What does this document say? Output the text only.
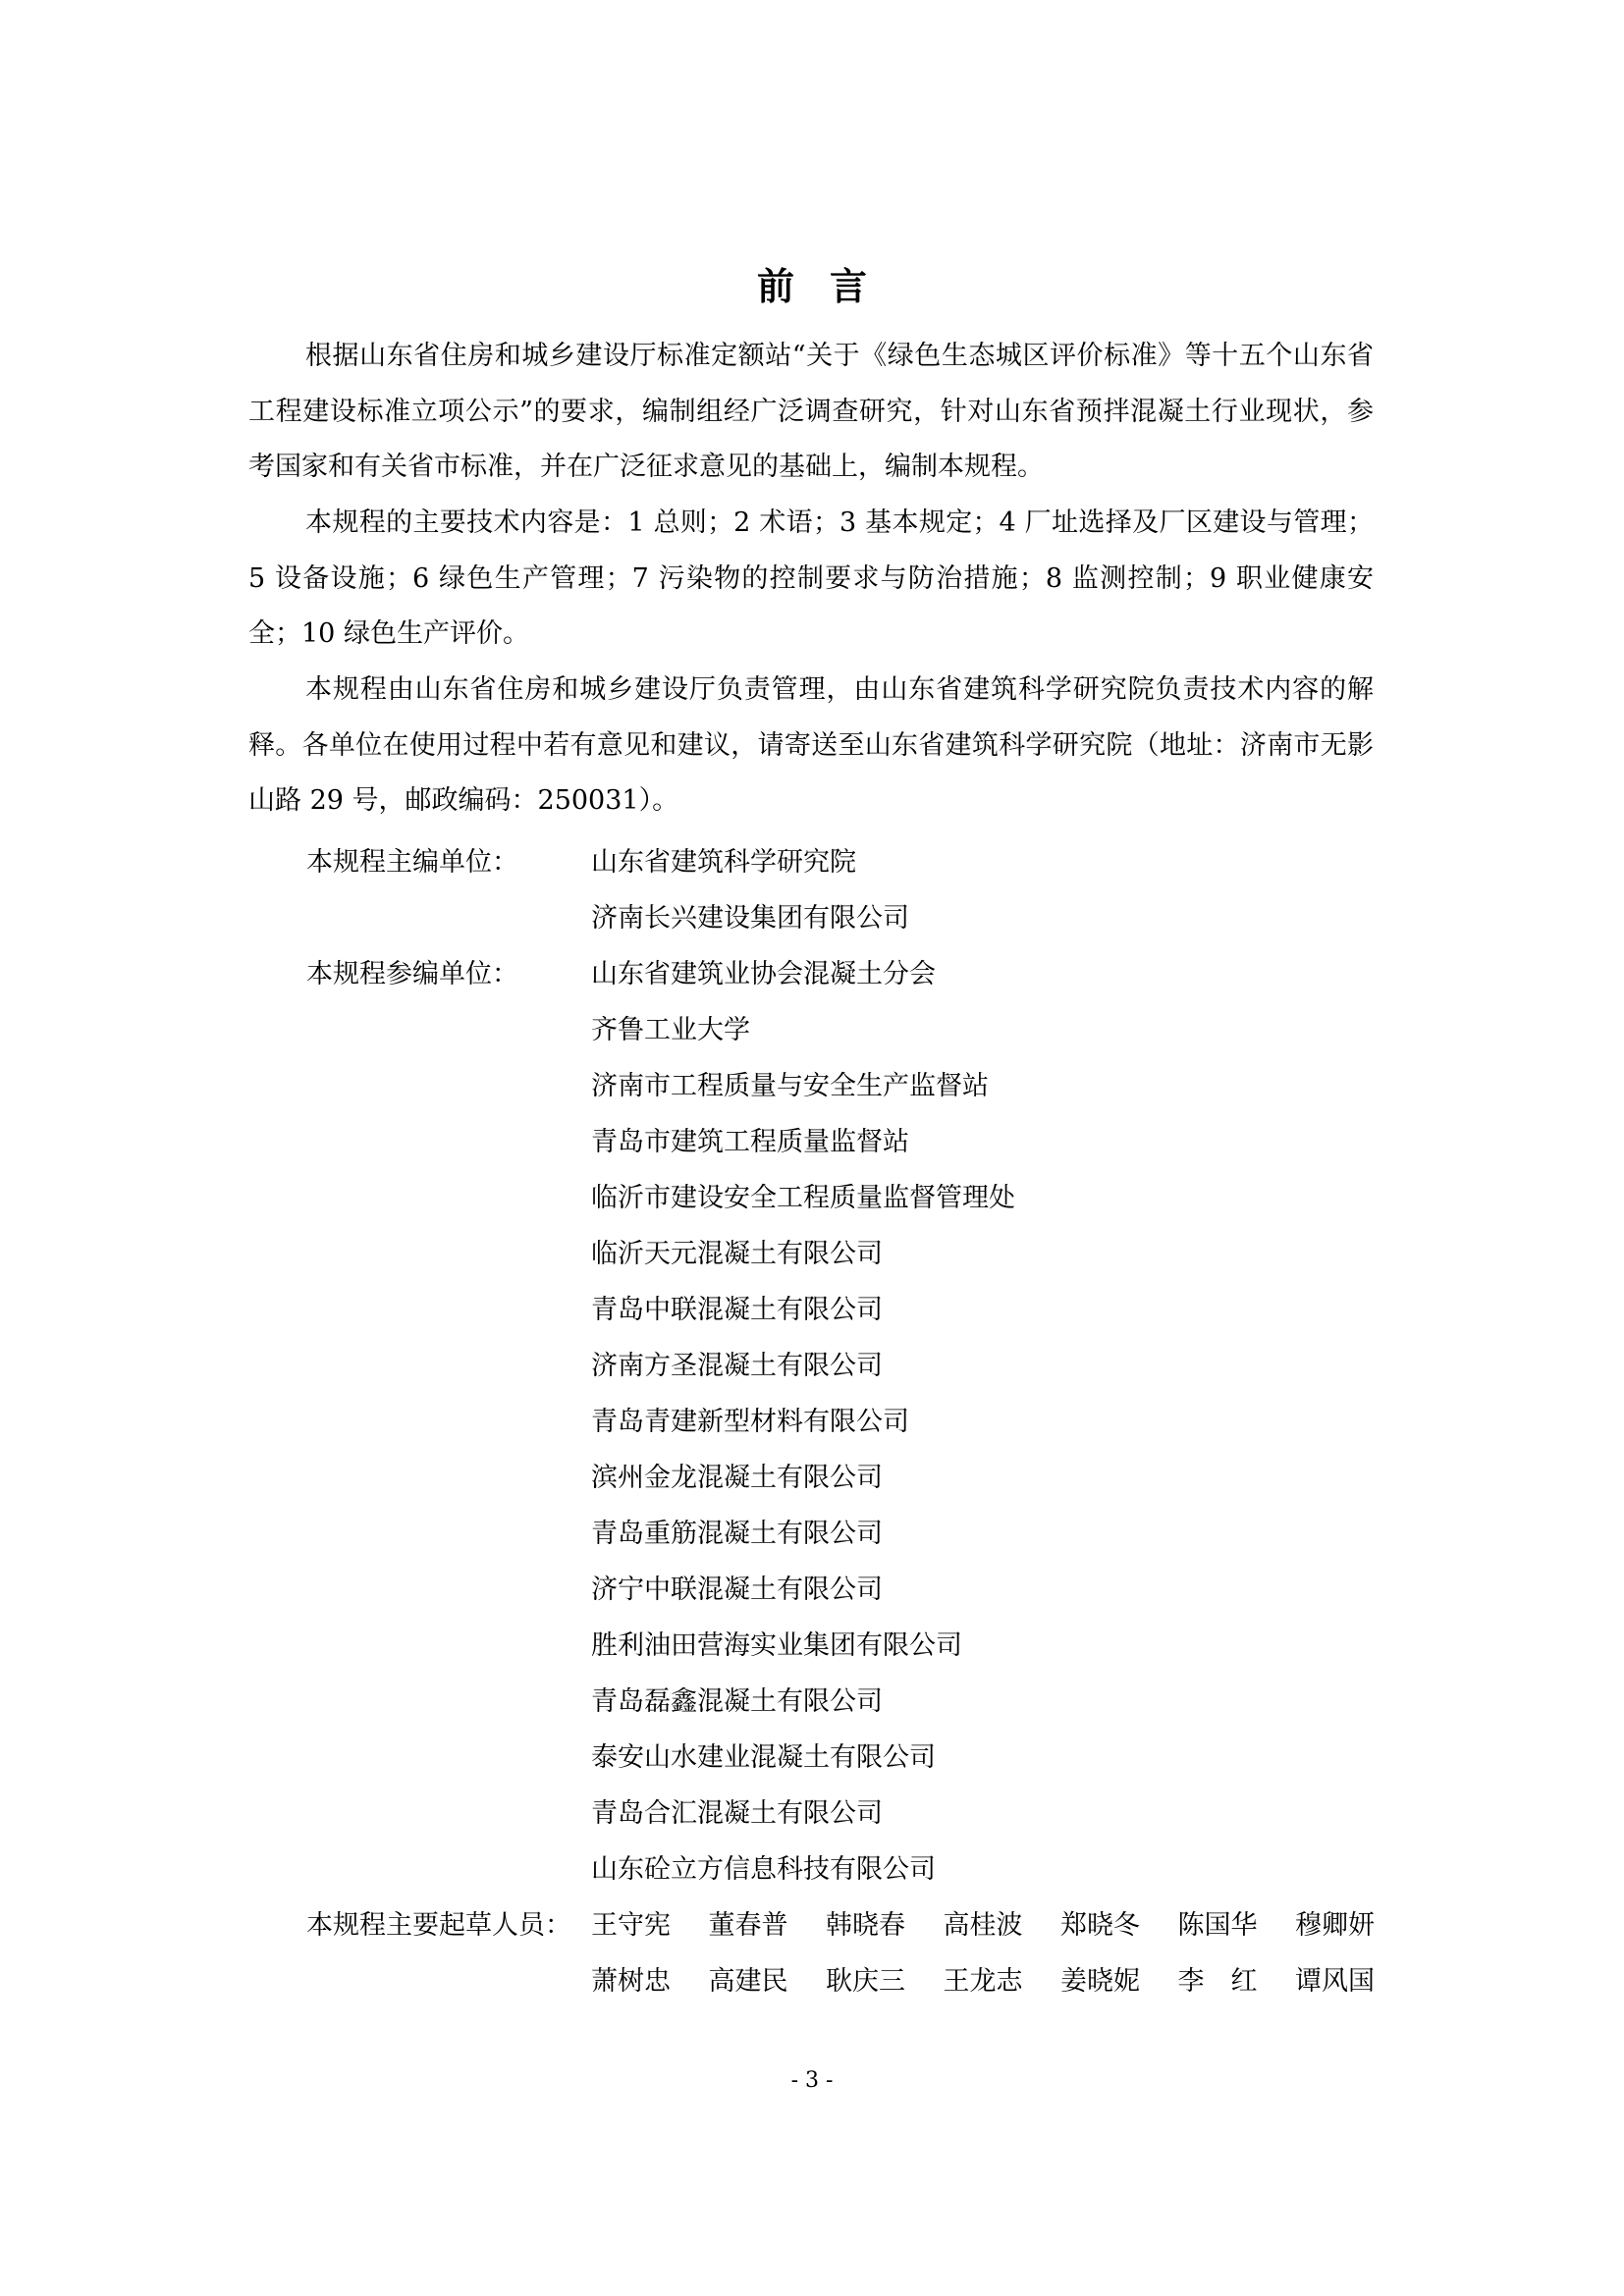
前言

根据山东省住房和城乡建设厅标准定额站“关于《绿色生态城区评价标准》等十五个山东省工程建设标准立项公示”的要求，编制组经广泛调查研究，针对山东省预拌混凝土行业现状，参考国家和有关省市标准，并在广泛征求意见的基础上，编制本规程。

本规程的主要技术内容是：1 总则；2 术语；3 基本规定；4 厂址选择及厂区建设与管理；5 设备设施；6 绿色生产管理；7 污染物的控制要求与防治措施；8 监测控制；9 职业健康安全；10 绿色生产评价。

本规程由山东省住房和城乡建设厅负责管理，由山东省建筑科学研究院负责技术内容的解释。各单位在使用过程中若有意见和建议，请寄送至山东省建筑科学研究院（地址：济南市无影山路 29 号，邮政编码：250031）。

本规程主编单位：	山东省建筑科学研究院
济南长兴建设集团有限公司
本规程参编单位：	山东省建筑业协会混凝土分会
齐鲁工业大学
济南市工程质量与安全生产监督站
青岛市建筑工程质量监督站
临沂市建设安全工程质量监督管理处
临沂天元混凝土有限公司
青岛中联混凝土有限公司
济南方圣混凝土有限公司
青岛青建新型材料有限公司
滨州金龙混凝土有限公司
青岛重筋混凝土有限公司
济宁中联混凝土有限公司
胜利油田营海实业集团有限公司
青岛磊鑫混凝土有限公司
泰安山水建业混凝土有限公司
青岛合汇混凝土有限公司
山东砼立方信息科技有限公司
本规程主要起草人员： 王守宪 董春普 韩晓春 高桂波 郑晓冬 陈国华 穆卿妍
萧树忠 高建民 耿庆三 王龙志 姜晓妮 李　红 谭风国
- 3 -
